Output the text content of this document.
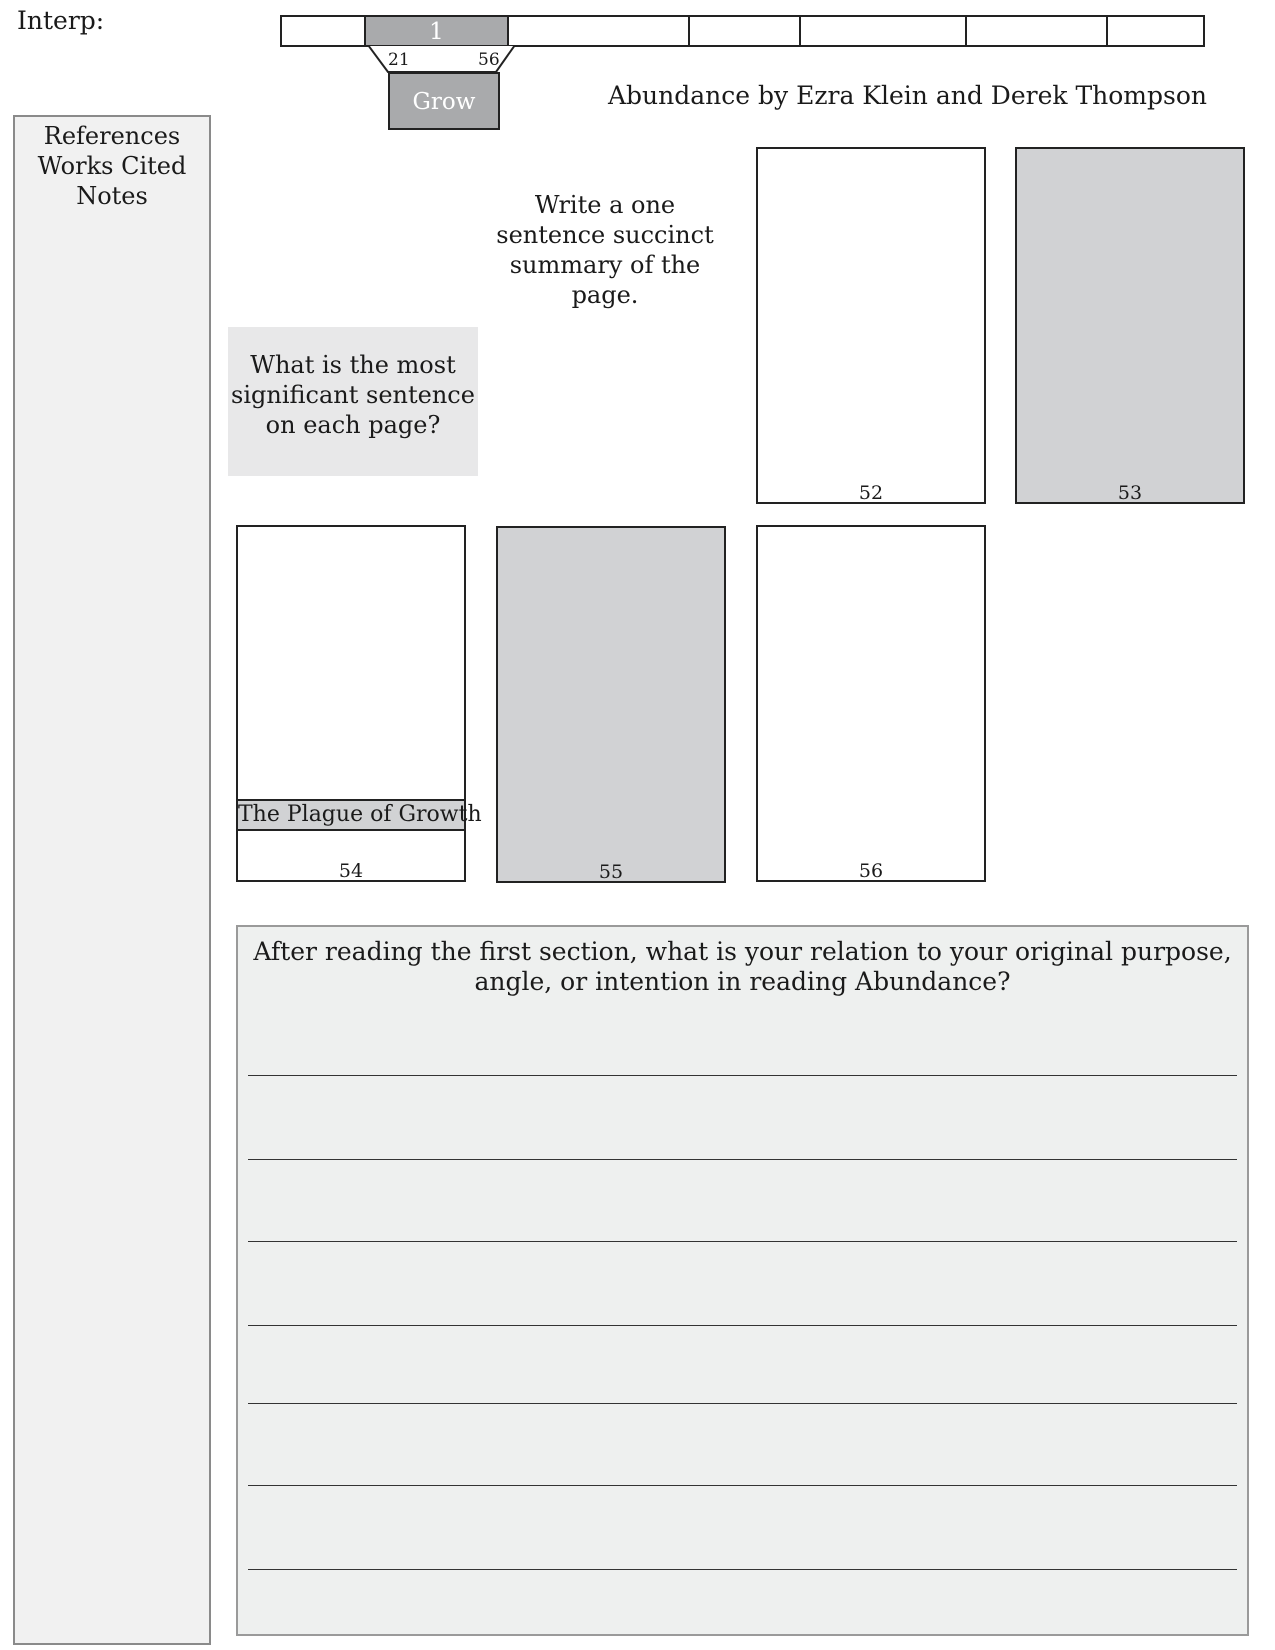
Interp:	1
21	56
Grow	Abundance by Ezra Klein and Derek Thompson
References
Works Cited
Notes	Write a one sentence succinct summary of the page.
What is the most significant sentence on each page?
52	53
The Plague of Growth
54	55	56
After reading the first section, what is your relation to your original purpose, angle, or intention in reading Abundance?
